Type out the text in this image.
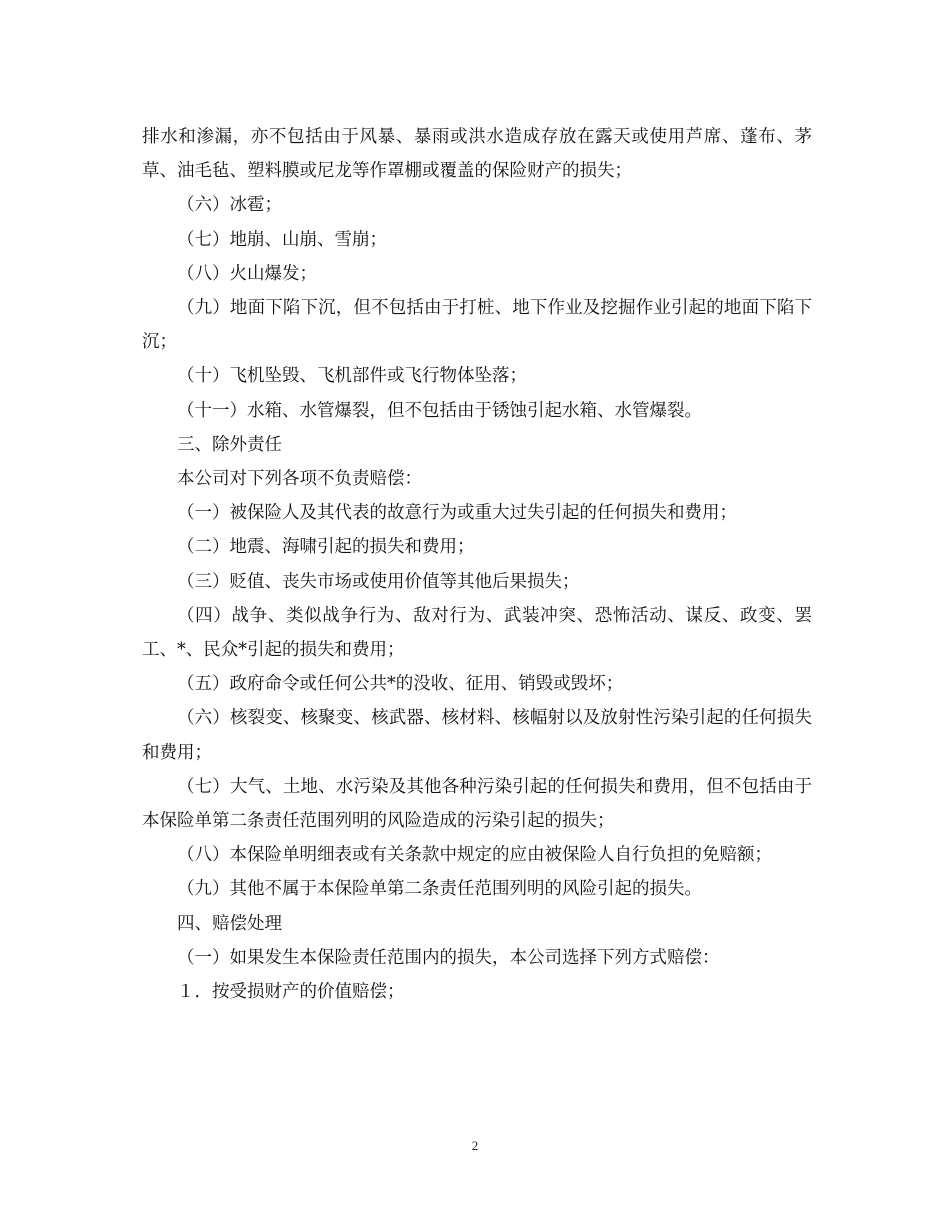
排水和渗漏，亦不包括由于风暴、暴雨或洪水造成存放在露天或使用芦席、蓬布、茅草、油毛毡、塑料膜或尼龙等作罩棚或覆盖的保险财产的损失；

（六）冰雹；

（七）地崩、山崩、雪崩；

（八）火山爆发；

（九）地面下陷下沉，但不包括由于打桩、地下作业及挖掘作业引起的地面下陷下沉；

（十）飞机坠毁、飞机部件或飞行物体坠落；

（十一）水箱、水管爆裂，但不包括由于锈蚀引起水箱、水管爆裂。

三、除外责任

本公司对下列各项不负责赔偿：

（一）被保险人及其代表的故意行为或重大过失引起的任何损失和费用；

（二）地震、海啸引起的损失和费用；

（三）贬值、丧失市场或使用价值等其他后果损失；

（四）战争、类似战争行为、敌对行为、武装冲突、恐怖活动、谋反、政变、罢工、*、民众*引起的损失和费用；

（五）政府命令或任何公共*的没收、征用、销毁或毁坏；

（六）核裂变、核聚变、核武器、核材料、核幅射以及放射性污染引起的任何损失和费用；

（七）大气、土地、水污染及其他各种污染引起的任何损失和费用，但不包括由于本保险单第二条责任范围列明的风险造成的污染引起的损失；

（八）本保险单明细表或有关条款中规定的应由被保险人自行负担的免赔额；

（九）其他不属于本保险单第二条责任范围列明的风险引起的损失。

四、赔偿处理

（一）如果发生本保险责任范围内的损失，本公司选择下列方式赔偿：

１．按受损财产的价值赔偿；

2
